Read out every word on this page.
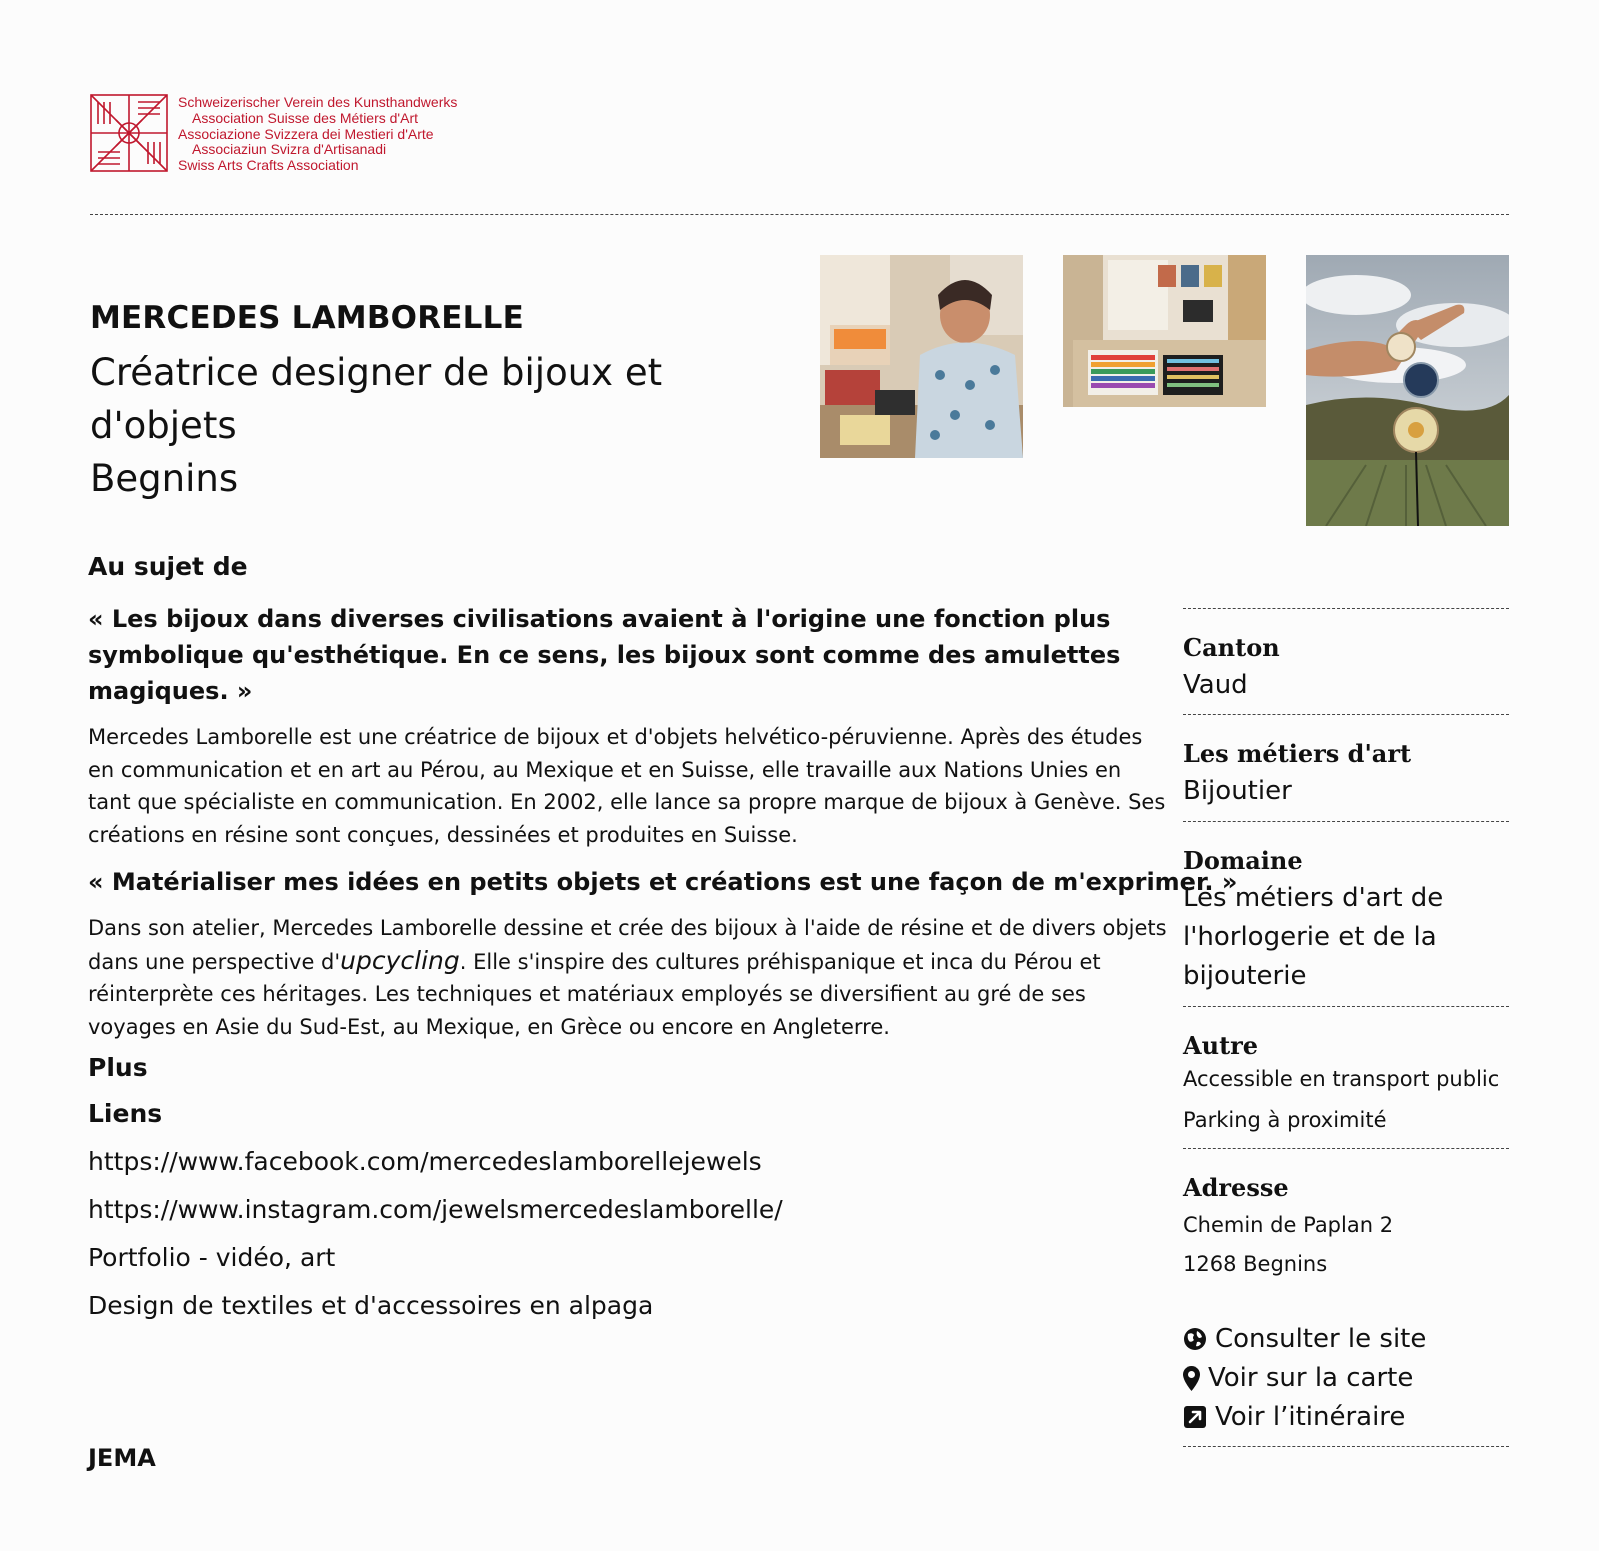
Schweizerischer Verein des Kunsthandwerks
Association Suisse des Métiers d'Art
Associazione Svizzera dei Mestieri d'Arte
Associaziun Svizra d'Artisanadi
Swiss Arts Crafts Association
MERCEDES LAMBORELLE
Créatrice designer de bijoux et
d'objets
Begnins
Au sujet de
« Les bijoux dans diverses civilisations avaient à l'origine une fonction plus
symbolique qu'esthétique. En ce sens, les bijoux sont comme des amulettes
magiques. »
Mercedes Lamborelle est une créatrice de bijoux et d'objets helvético-péruvienne. Après des études
en communication et en art au Pérou, au Mexique et en Suisse, elle travaille aux Nations Unies en
tant que spécialiste en communication. En 2002, elle lance sa propre marque de bijoux à Genève. Ses
créations en résine sont conçues, dessinées et produites en Suisse.
« Matérialiser mes idées en petits objets et créations est une façon de m'exprimer. »
Dans son atelier, Mercedes Lamborelle dessine et crée des bijoux à l'aide de résine et de divers objets
dans une perspective d'upcycling. Elle s'inspire des cultures préhispanique et inca du Pérou et
réinterprète ces héritages. Les techniques et matériaux employés se diversifient au gré de ses
voyages en Asie du Sud-Est, au Mexique, en Grèce ou encore en Angleterre.
Plus
Liens
https://www.facebook.com/mercedeslamborellejewels
https://www.instagram.com/jewelsmercedeslamborelle/
Portfolio - vidéo, art
Design de textiles et d'accessoires en alpaga
Canton
Vaud
Les métiers d'art
Bijoutier
Domaine
Les métiers d'art de
l'horlogerie et de la
bijouterie
Autre
Accessible en transport public
Parking à proximité
Adresse
Chemin de Paplan 2
1268 Begnins
Consulter le site
Voir sur la carte
Voir l’itinéraire
JEMA
